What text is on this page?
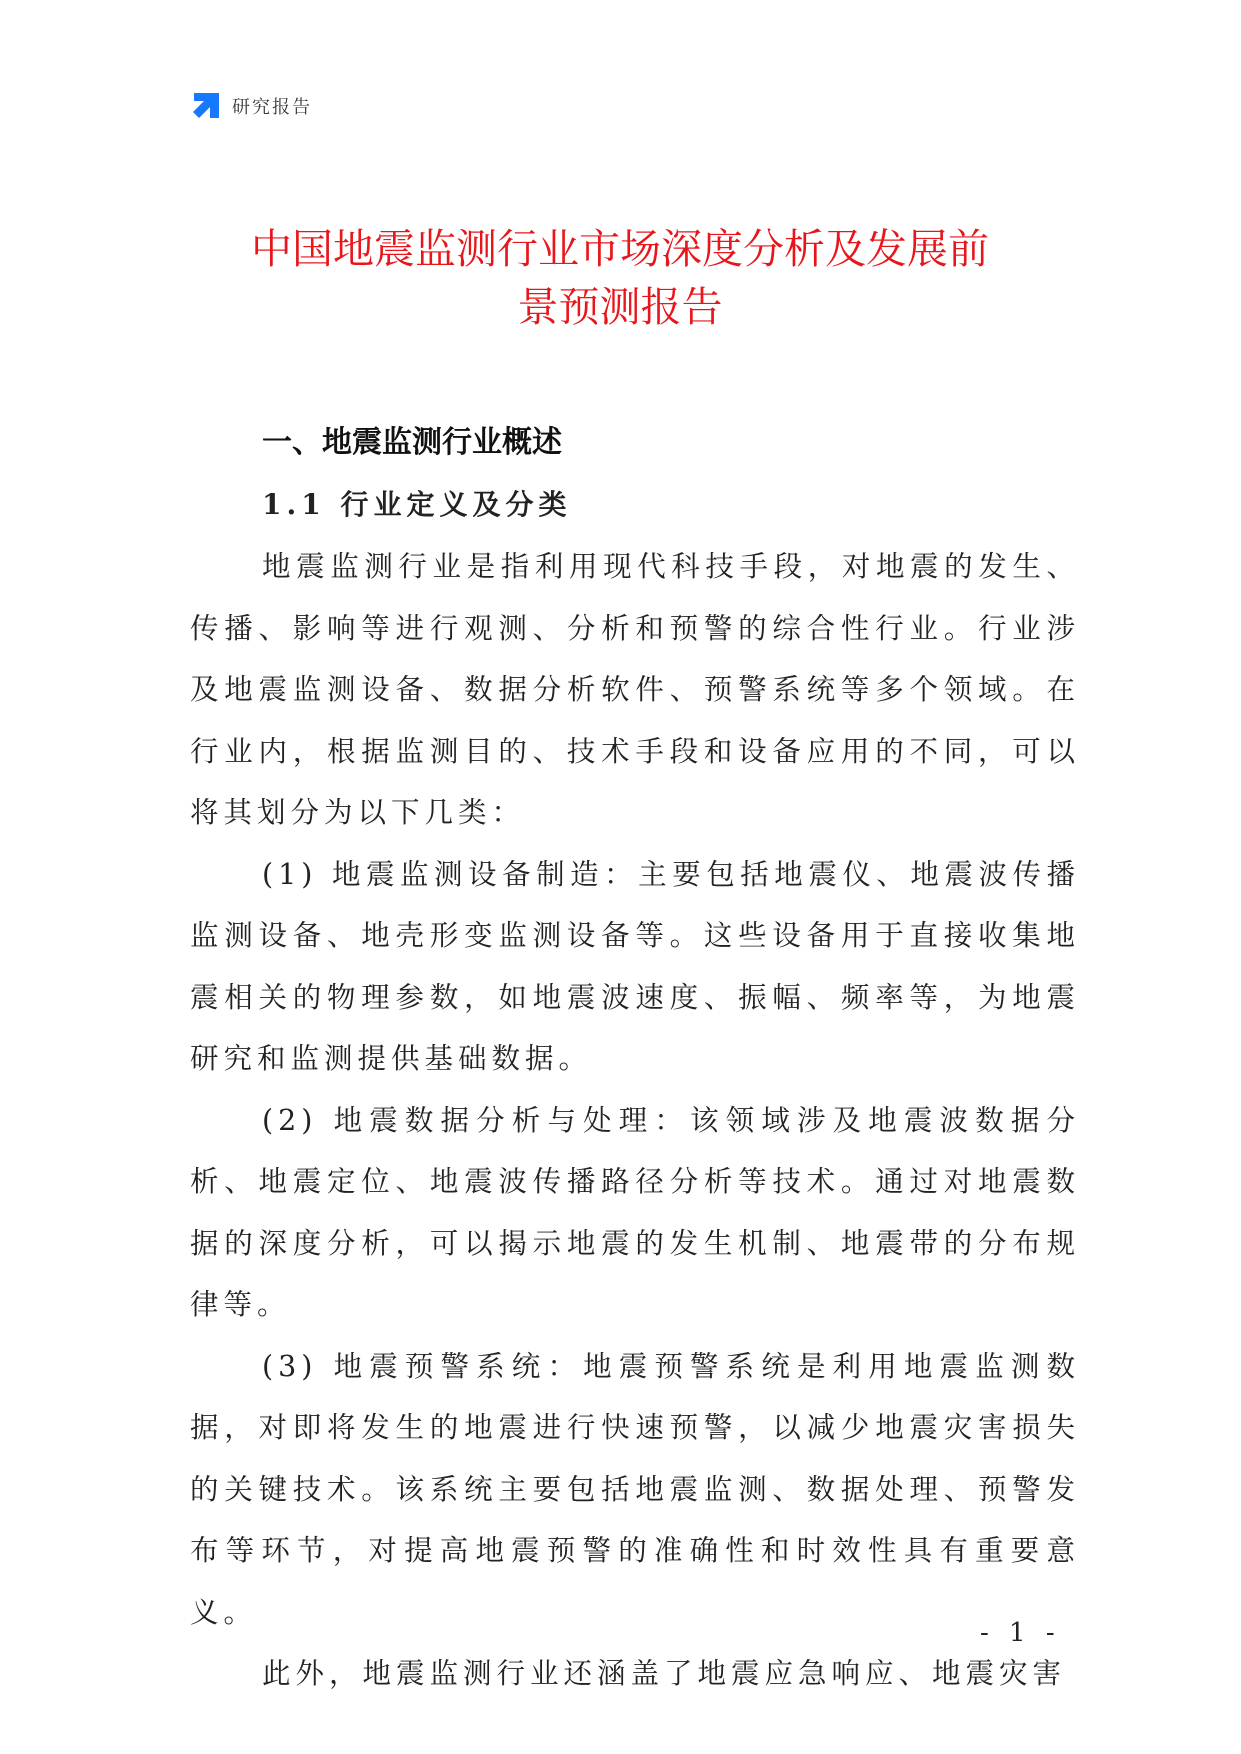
研究报告
中国地震监测行业市场深度分析及发展前
景预测报告
一、地震监测行业概述
1.1 行业定义及分类

地震监测行业是指利用现代科技手段，对地震的发生、传播、影响等进行观测、分析和预警的综合性行业。行业涉及地震监测设备、数据分析软件、预警系统等多个领域。在行业内，根据监测目的、技术手段和设备应用的不同，可以将其划分为以下几类：

(1) 地震监测设备制造：主要包括地震仪、地震波传播监测设备、地壳形变监测设备等。这些设备用于直接收集地震相关的物理参数，如地震波速度、振幅、频率等，为地震研究和监测提供基础数据。

(2) 地震数据分析与处理：该领域涉及地震波数据分析、地震定位、地震波传播路径分析等技术。通过对地震数据的深度分析，可以揭示地震的发生机制、地震带的分布规律等。

(3) 地震预警系统：地震预警系统是利用地震监测数据，对即将发生的地震进行快速预警，以减少地震灾害损失的关键技术。该系统主要包括地震监测、数据处理、预警发布等环节，对提高地震预警的准确性和时效性具有重要意义。

此外，地震监测行业还涵盖了地震应急响应、地震灾害

- 1 -
